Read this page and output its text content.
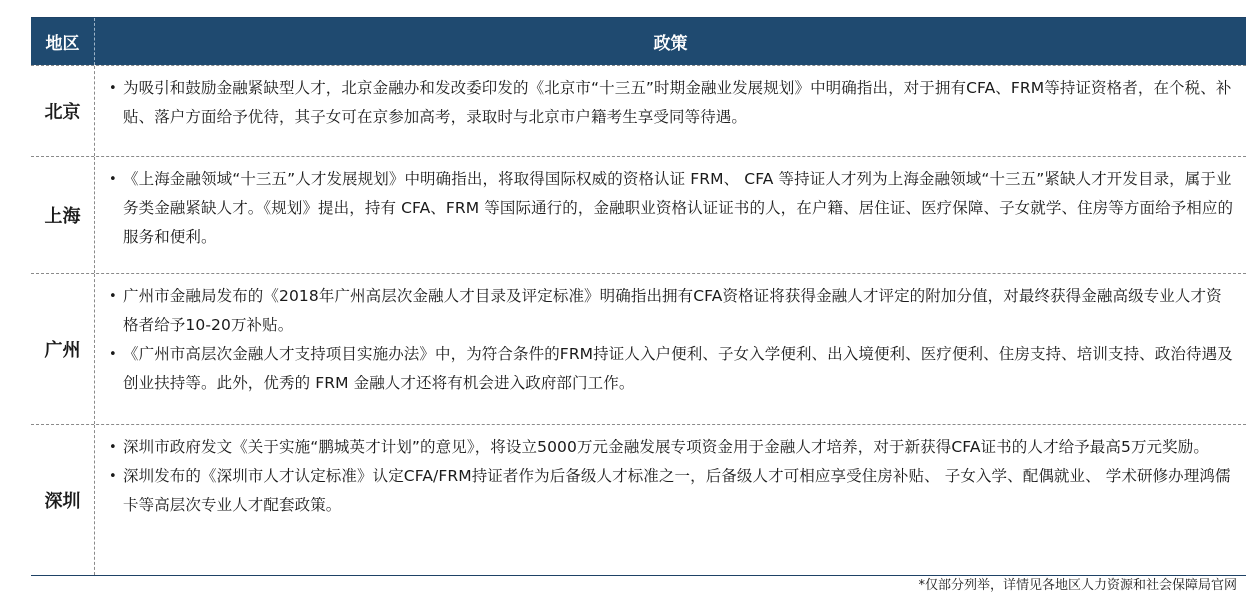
地区	政策
北京
• 为吸引和鼓励金融紧缺型人才，北京金融办和发改委印发的《北京市“十三五”时期金融业发展规划》中明确指出，对于拥有CFA、FRM等持证资格者，在个税、补贴、落户方面给予优待，其子女可在京参加高考，录取时与北京市户籍考生享受同等待遇。
上海
• 《上海金融领域“十三五”人才发展规划》中明确指出，将取得国际权威的资格认证 FRM、 CFA 等持证人才列为上海金融领域“十三五”紧缺人才开发目录，属于业务类金融紧缺人才。《规划》提出，持有 CFA、FRM 等国际通行的，金融职业资格认证证书的人，在户籍、居住证、医疗保障、子女就学、住房等方面给予相应的服务和便利。
广州
• 广州市金融局发布的《2018年广州高层次金融人才目录及评定标准》明确指出拥有CFA资格证将获得金融人才评定的附加分值，对最终获得金融高级专业人才资格者给予10-20万补贴。
• 《广州市高层次金融人才支持项目实施办法》中，为符合条件的FRM持证人入户便利、子女入学便利、出入境便利、医疗便利、住房支持、培训支持、政治待遇及创业扶持等。此外，优秀的 FRM 金融人才还将有机会进入政府部门工作。
深圳
• 深圳市政府发文《关于实施“鹏城英才计划”的意见》，将设立5000万元金融发展专项资金用于金融人才培养，对于新获得CFA证书的人才给予最高5万元奖励。
• 深圳发布的《深圳市人才认定标准》认定CFA/FRM持证者作为后备级人才标准之一，后备级人才可相应享受住房补贴、 子女入学、配偶就业、 学术研修办理鸿儒卡等高层次专业人才配套政策。
*仅部分列举，详情见各地区人力资源和社会保障局官网
